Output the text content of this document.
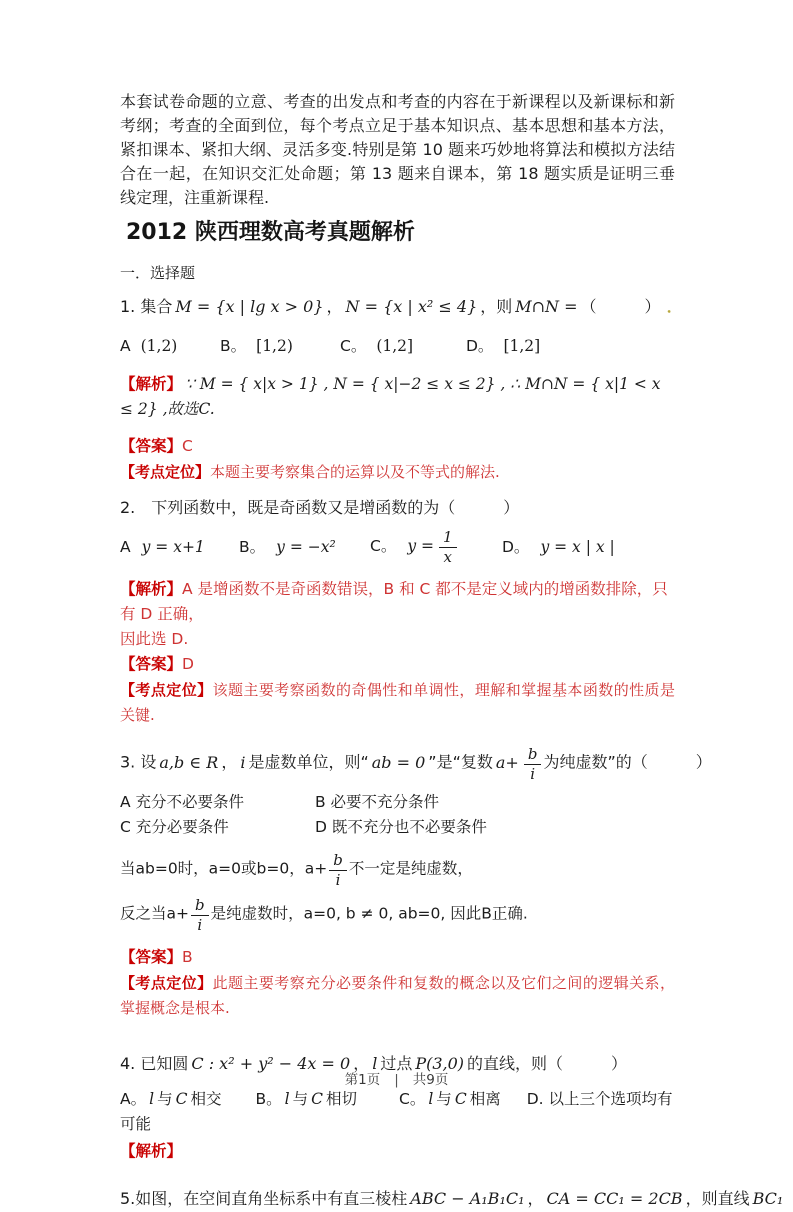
本套试卷命题的立意、考查的出发点和考查的内容在于新课程以及新课标和新考纲；考查的全面到位，每个考点立足于基本知识点、基本思想和基本方法，紧扣课本、紧扣大纲、灵活多变.特别是第 10 题来巧妙地将算法和模拟方法结合在一起，在知识交汇处命题；第 13 题来自课本，第 18 题实质是证明三垂线定理，注重新课程.

2012 陕西理数高考真题解析

一．选择题

1. 集合 M = {x | lg x > 0} ， N = {x | x² ≤ 4} ，则 M∩N = （　　　） ．

A (1,2)	B。 [1,2)	C。 (1,2]	D。 [1,2]

【解析】 ∵ M = { x|x > 1} , N = { x|−2 ≤ x ≤ 2} , ∴ M∩N = { x|1 < x ≤ 2} ,故选C.

【答案】C

【考点定位】本题主要考察集合的运算以及不等式的解法.

2.　 下列函数中，既是奇函数又是增函数的为（　　　）

A y = x+1	B。 y = −x²	C。 $y = \frac{1}{x}$	D。 y = x | x |

【解析】A 是增函数不是奇函数错误，B 和 C 都不是定义域内的增函数排除，只有 D 正确，
因此选 D.

【答案】D

【考点定位】该题主要考察函数的奇偶性和单调性，理解和掌握基本函数的性质是关键.

3. 设 a,b ∈ R ， i 是虚数单位，则“ ab = 0 ”是“复数 $a+ \frac{b}{i}$ 为纯虚数”的（　　　）

A 充分不必要条件	B 必要不充分条件
C 充分必要条件	D 既不充分也不必要条件

当ab=0时，a=0或b=0，$a+ \frac{b}{i}$ 不一定是纯虚数，

反之当$a+ \frac{b}{i}$ 是纯虚数时，a=0, b ≠ 0, ab=0, 因此B正确.

【答案】B

【考点定位】此题主要考察充分必要条件和复数的概念以及它们之间的逻辑关系，掌握概念是根本.

4. 已知圆 C : x² + y² − 4x = 0 ， l 过点 P(3,0) 的直线，则（　　　）

A。 l 与 C 相交 B。 l 与 C 相切	C。 l 与 C 相离 D. 以上三个选项均有可能

【解析】

5.如图，在空间直角坐标系中有直三棱柱 ABC − A₁B₁C₁ ， CA = CC₁ = 2CB ，则直线 BC₁

第1页 | 共9页
